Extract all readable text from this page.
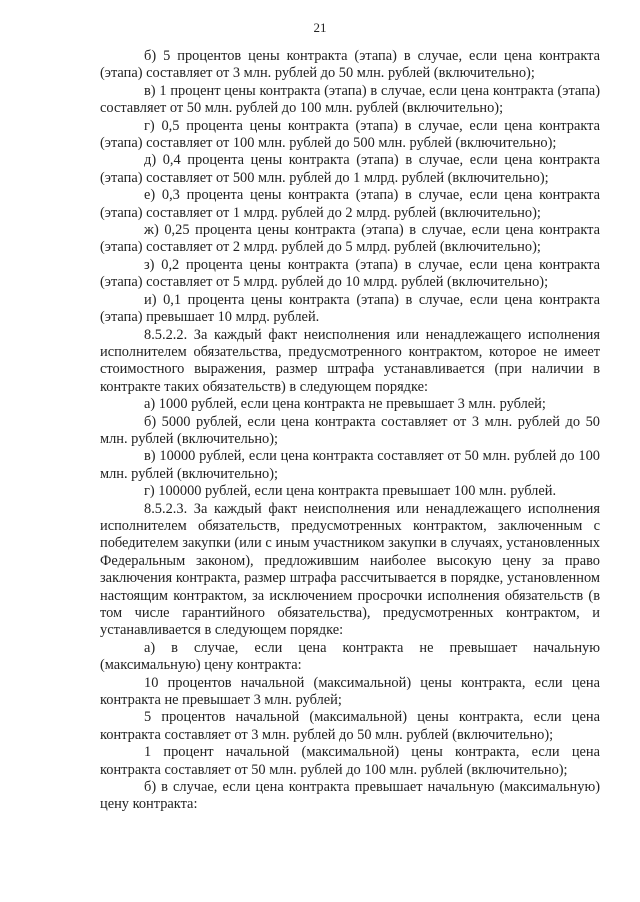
21

б) 5 процентов цены контракта (этапа) в случае, если цена контракта (этапа) составляет от 3 млн. рублей до 50 млн. рублей (включительно);

в) 1 процент цены контракта (этапа) в случае, если цена контракта (этапа) составляет от 50 млн. рублей до 100 млн. рублей (включительно);

г) 0,5 процента цены контракта (этапа) в случае, если цена контракта (этапа) составляет от 100 млн. рублей до 500 млн. рублей (включительно);

д) 0,4 процента цены контракта (этапа) в случае, если цена контракта (этапа) составляет от 500 млн. рублей до 1 млрд. рублей (включительно);

е) 0,3 процента цены контракта (этапа) в случае, если цена контракта (этапа) составляет от 1 млрд. рублей до 2 млрд. рублей (включительно);

ж) 0,25 процента цены контракта (этапа) в случае, если цена контракта (этапа) составляет от 2 млрд. рублей до 5 млрд. рублей (включительно);

з) 0,2 процента цены контракта (этапа) в случае, если цена контракта (этапа) составляет от 5 млрд. рублей до 10 млрд. рублей (включительно);

и) 0,1 процента цены контракта (этапа) в случае, если цена контракта (этапа) превышает 10 млрд. рублей.

8.5.2.2. За каждый факт неисполнения или ненадлежащего исполнения исполнителем обязательства, предусмотренного контрактом, которое не имеет стоимостного выражения, размер штрафа устанавливается (при наличии в контракте таких обязательств) в следующем порядке:

а) 1000 рублей, если цена контракта не превышает 3 млн. рублей;

б) 5000 рублей, если цена контракта составляет от 3 млн. рублей до 50 млн. рублей (включительно);

в) 10000 рублей, если цена контракта составляет от 50 млн. рублей до 100 млн. рублей (включительно);

г) 100000 рублей, если цена контракта превышает 100 млн. рублей.

8.5.2.3. За каждый факт неисполнения или ненадлежащего исполнения исполнителем обязательств, предусмотренных контрактом, заключенным с победителем закупки (или с иным участником закупки в случаях, установленных Федеральным законом), предложившим наиболее высокую цену за право заключения контракта, размер штрафа рассчитывается в порядке, установленном настоящим контрактом, за исключением просрочки исполнения обязательств (в том числе гарантийного обязательства), предусмотренных контрактом, и устанавливается в следующем порядке:

а) в случае, если цена контракта не превышает начальную (максимальную) цену контракта:

10 процентов начальной (максимальной) цены контракта, если цена контракта не превышает 3 млн. рублей;

5 процентов начальной (максимальной) цены контракта, если цена контракта составляет от 3 млн. рублей до 50 млн. рублей (включительно);

1 процент начальной (максимальной) цены контракта, если цена контракта составляет от 50 млн. рублей до 100 млн. рублей (включительно);

б) в случае, если цена контракта превышает начальную (максимальную) цену контракта:
